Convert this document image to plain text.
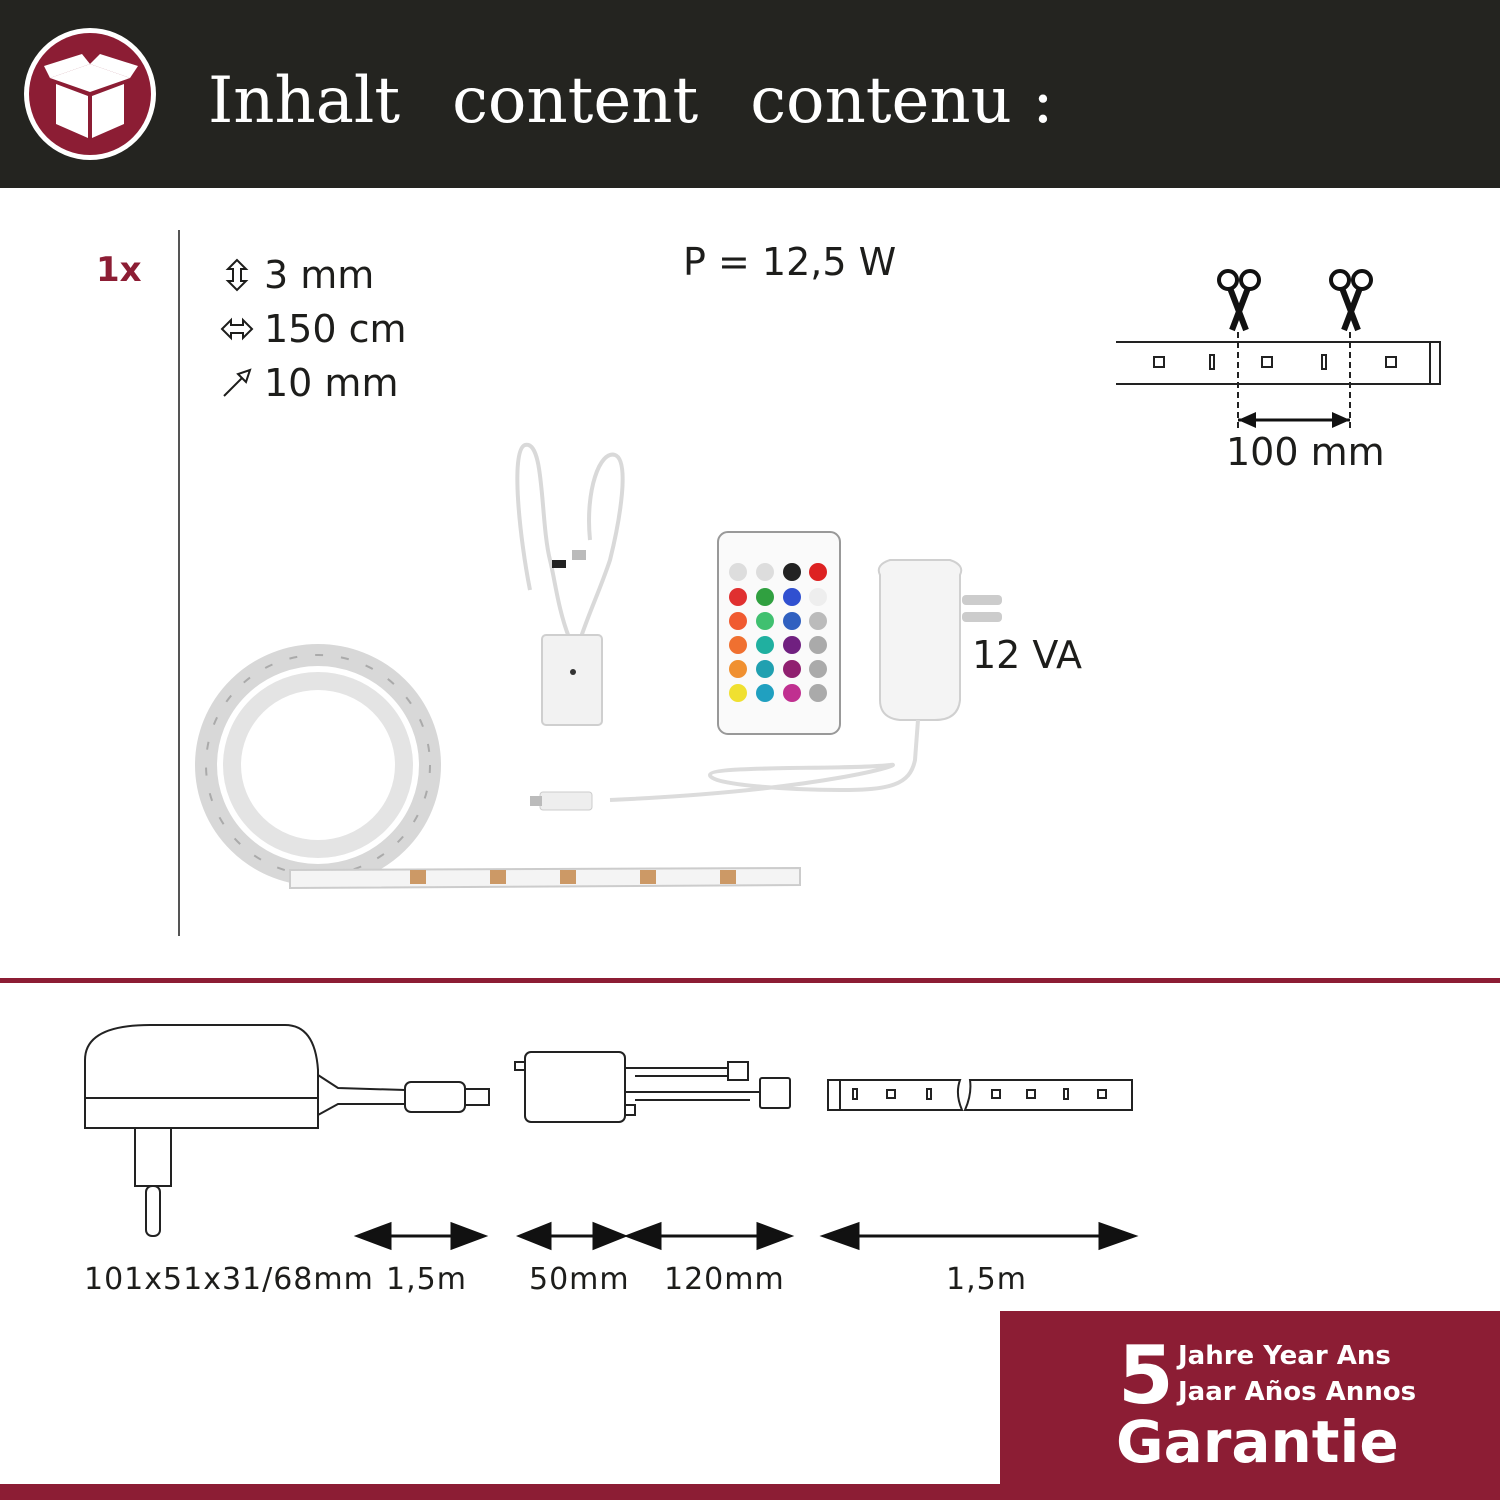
Inhalt content contenu :
1x	3 mm
150 cm
10 mm
P = 12,5 W
100 mm
12 VA
101x51x31/68mm 1,5m 50mm 120mm	1,5m
5 Jahre Year Ans
Jaar Años Annos
Garantie
